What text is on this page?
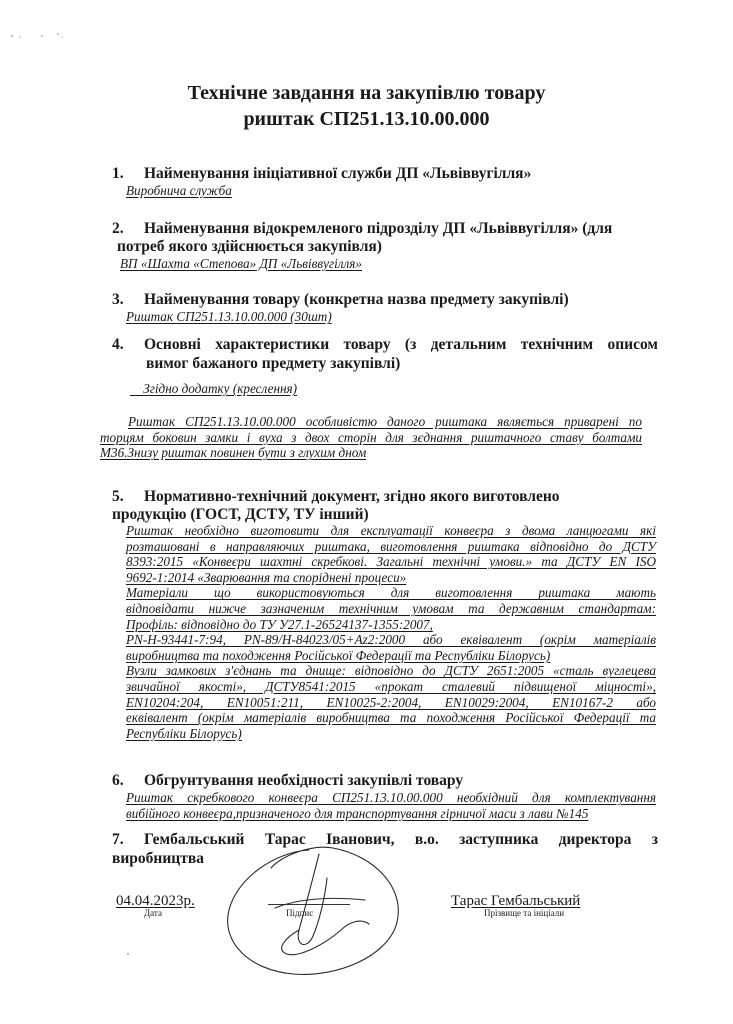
Технічне завдання на закупівлю товару
риштак СП251.13.10.00.000
1. Найменування ініціативної служби ДП «Львіввугілля»
Виробнича служба
2. Найменування відокремленого підрозділу ДП «Львіввугілля» (для
потреб якого здійснюється закупівля)
ВП «Шахта «Степова» ДП «Львіввугілля»
3. Найменування товару (конкретна назва предмету закупівлі)
Риштак СП251.13.10.00.000 (30шт)
4. Основні характеристики товару (з детальним технічним описом
вимог бажаного предмету закупівлі)
Згідно додатку (креслення)
Риштак СП251.13.10.00.000 особливістю даного риштака являється приварені по
торцям боковин замки і вуха з двох сторін для зєднання риштачного ставу болтами
М36.Знизу риштак повинен бути з глухим дном
5. Нормативно-технічний документ, згідно якого виготовлено
продукцію (ГОСТ, ДСТУ, ТУ інший)
Риштак необхідно виготовити для експлуатації конвеєра з двома ланцюгами які
розташовані в направляючих риштака, виготовлення риштака відповідно до ДСТУ
8393:2015 «Конвеєри шахтні скребкові. Загальні технічні умови.» та ДСТУ EN ISO
9692-1:2014 «Зварювання та споріднені процеси»
Матеріали що використовуються для виготовлення риштака мають
відповідати нижче зазначеним технічним умовам та державним стандартам:
Профіль: відповідно до ТУ У27.1-26524137-1355:2007,
PN-H-93441-7:94, PN-89/H-84023/05+Az2:2000 або еквівалент (окрім матеріалів
виробництва та походження Російської Федерації та Республіки Білорусь)
Вузли замкових з'єднань та днище: відповідно до ДСТУ 2651:2005 «сталь вуглецева
звичайної якості», ДСТУ8541:2015 «прокат сталевий підвищеної міцності»,
EN10204:204, EN10051:211, EN10025-2:2004, EN10029:2004, EN10167-2 або
еквівалент (окрім матеріалів виробництва та походження Російської Федерації та
Республіки Білорусь)
6. Обгрунтування необхідності закупівлі товару
Риштак скребкового конвеєра СП251.13.10.00.000 необхідний для комплектування
вибійного конвеєра,призначеного для транспортування гірничої маси з лави №145
7. Гембальський Тарас Іванович, в.о. заступника директора з
виробництва
04.04.2023р.
Дата	Підпис
Тарас Гембальський
Прізвище та ініціали
